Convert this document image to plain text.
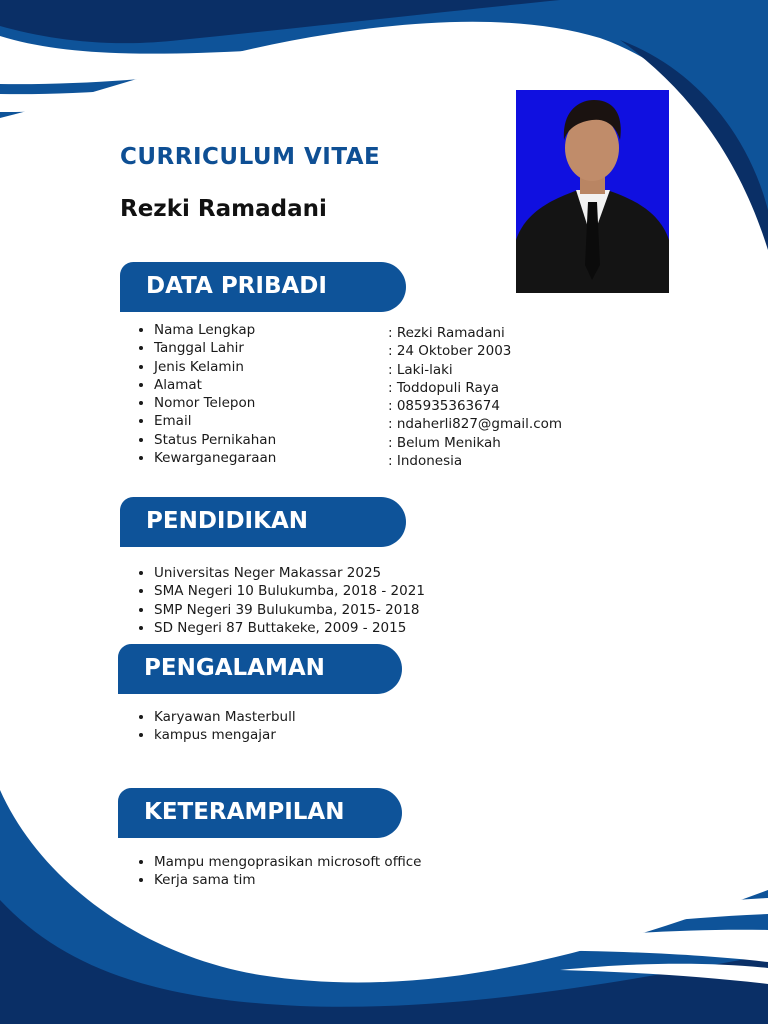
CURRICULUM VITAE
Rezki Ramadani
DATA PRIBADI
• Nama Lengkap
• Tanggal Lahir
• Jenis Kelamin
• Alamat
• Nomor Telepon
• Email
• Status Pernikahan
• Kewarganegaraan
: Rezki Ramadani
: 24 Oktober 2003
: Laki-laki
: Toddopuli Raya
: 085935363674
: ndaherli827@gmail.com
: Belum Menikah
: Indonesia
PENDIDIKAN
• Universitas Neger Makassar 2025
• SMA Negeri 10 Bulukumba, 2018 - 2021
• SMP Negeri 39 Bulukumba, 2015- 2018
• SD Negeri 87 Buttakeke, 2009 - 2015
PENGALAMAN
• Karyawan Masterbull
• kampus mengajar
KETERAMPILAN
• Mampu mengoprasikan microsoft office
• Kerja sama tim
